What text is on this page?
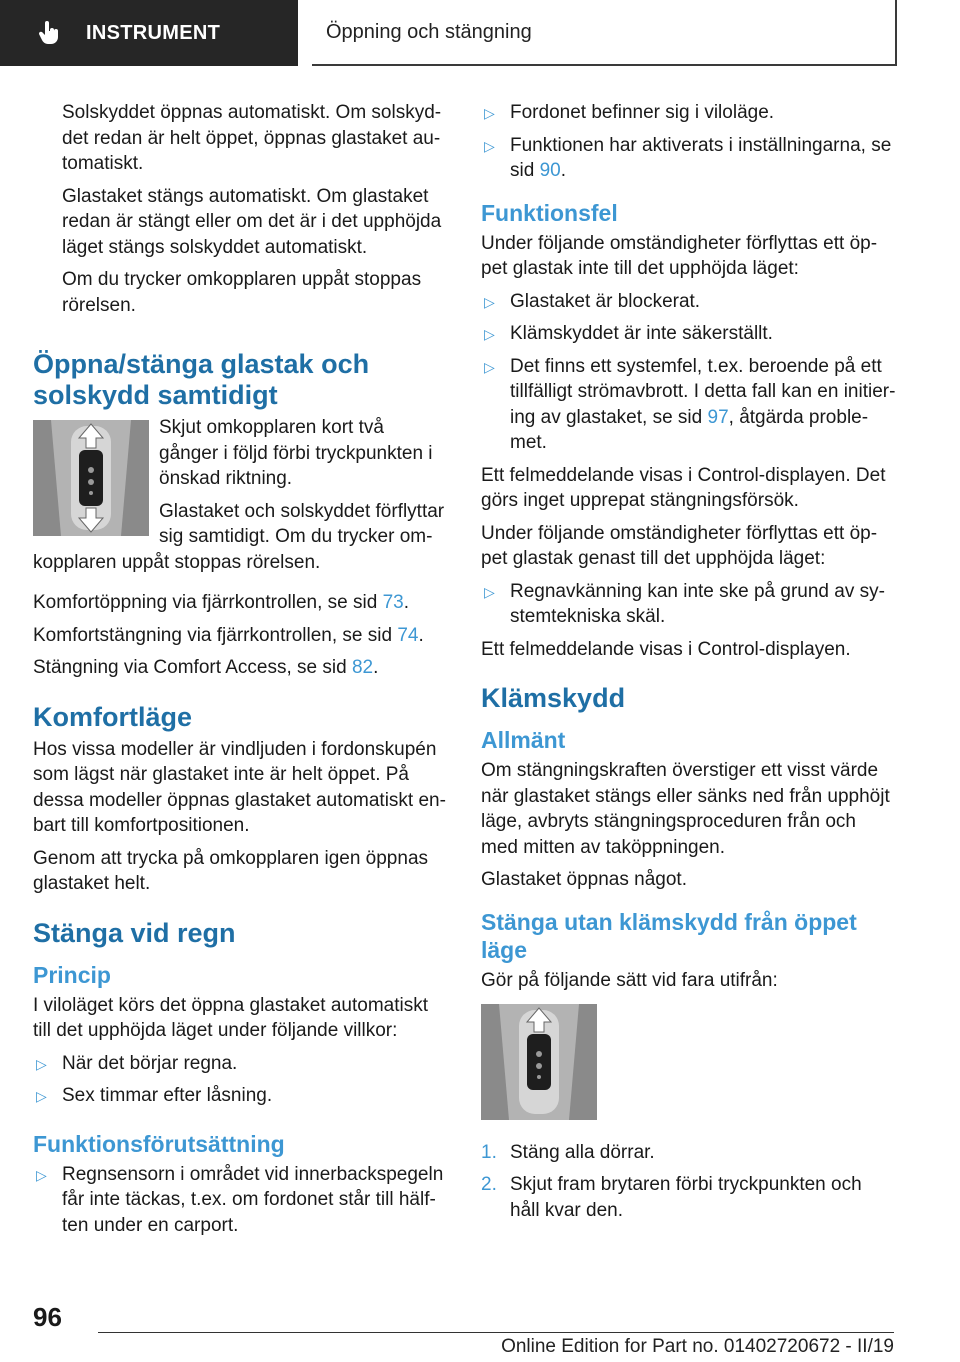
INSTRUMENT	Öppning och stängning

Solskyddet öppnas automatiskt. Om solskyd‐det redan är helt öppet, öppnas glastaket au‐tomatiskt.

Glastaket stängs automatiskt. Om glastaket redan är stängt eller om det är i det upphöjda läget stängs solskyddet automatiskt.

Om du trycker omkopplaren uppåt stoppas rörelsen.

Öppna/stänga glastak och solskydd samtidigt

Skjut omkopplaren kort två gånger i följd förbi tryckpunkten i önskad riktning.

Glastaket och solskyddet förflyttar sig samtidigt. Om du trycker om‐kopplaren uppåt stoppas rörelsen.

Komfortöppning via fjärrkontrollen, se sid 73.

Komfortstängning via fjärrkontrollen, se sid 74.

Stängning via Comfort Access, se sid 82.

Komfortläge

Hos vissa modeller är vindljuden i fordonskupén som lägst när glastaket inte är helt öppet. På dessa modeller öppnas glastaket automatiskt en‐bart till komfortpositionen.

Genom att trycka på omkopplaren igen öppnas glastaket helt.

Stänga vid regn
Princip

I viloläget körs det öppna glastaket automatiskt till det upphöjda läget under följande villkor:

▷ När det börjar regna.
▷ Sex timmar efter låsning.
Funktionsförutsättning
▷ Regnsensorn i området vid innerbackspegeln får inte täckas, t.ex. om fordonet står till hälf‐ten under en carport.
▷ Fordonet befinner sig i viloläge.
▷ Funktionen har aktiverats i inställningarna, se sid 90.
Funktionsfel

Under följande omständigheter förflyttas ett öp‐pet glastak inte till det upphöjda läget:

▷ Glastaket är blockerat.
▷ Klämskyddet är inte säkerställt.
▷ Det finns ett systemfel, t.ex. beroende på ett tillfälligt strömavbrott. I detta fall kan en initier‐ing av glastaket, se sid 97, åtgärda proble‐met.

Ett felmeddelande visas i Control-displayen. Det görs inget upprepat stängningsförsök.

Under följande omständigheter förflyttas ett öp‐pet glastak genast till det upphöjda läget:

▷ Regnavkänning kan inte ske på grund av sy‐stemtekniska skäl.

Ett felmeddelande visas i Control-displayen.

Klämskydd
Allmänt

Om stängningskraften överstiger ett visst värde när glastaket stängs eller sänks ned från upphöjt läge, avbryts stängningsproceduren från och med mitten av taköppningen.

Glastaket öppnas något.

Stänga utan klämskydd från öppet läge

Gör på följande sätt vid fara utifrån:

1. Stäng alla dörrar.
2. Skjut fram brytaren förbi tryckpunkten och håll kvar den.
96
Online Edition for Part no. 01402720672 - II/19
